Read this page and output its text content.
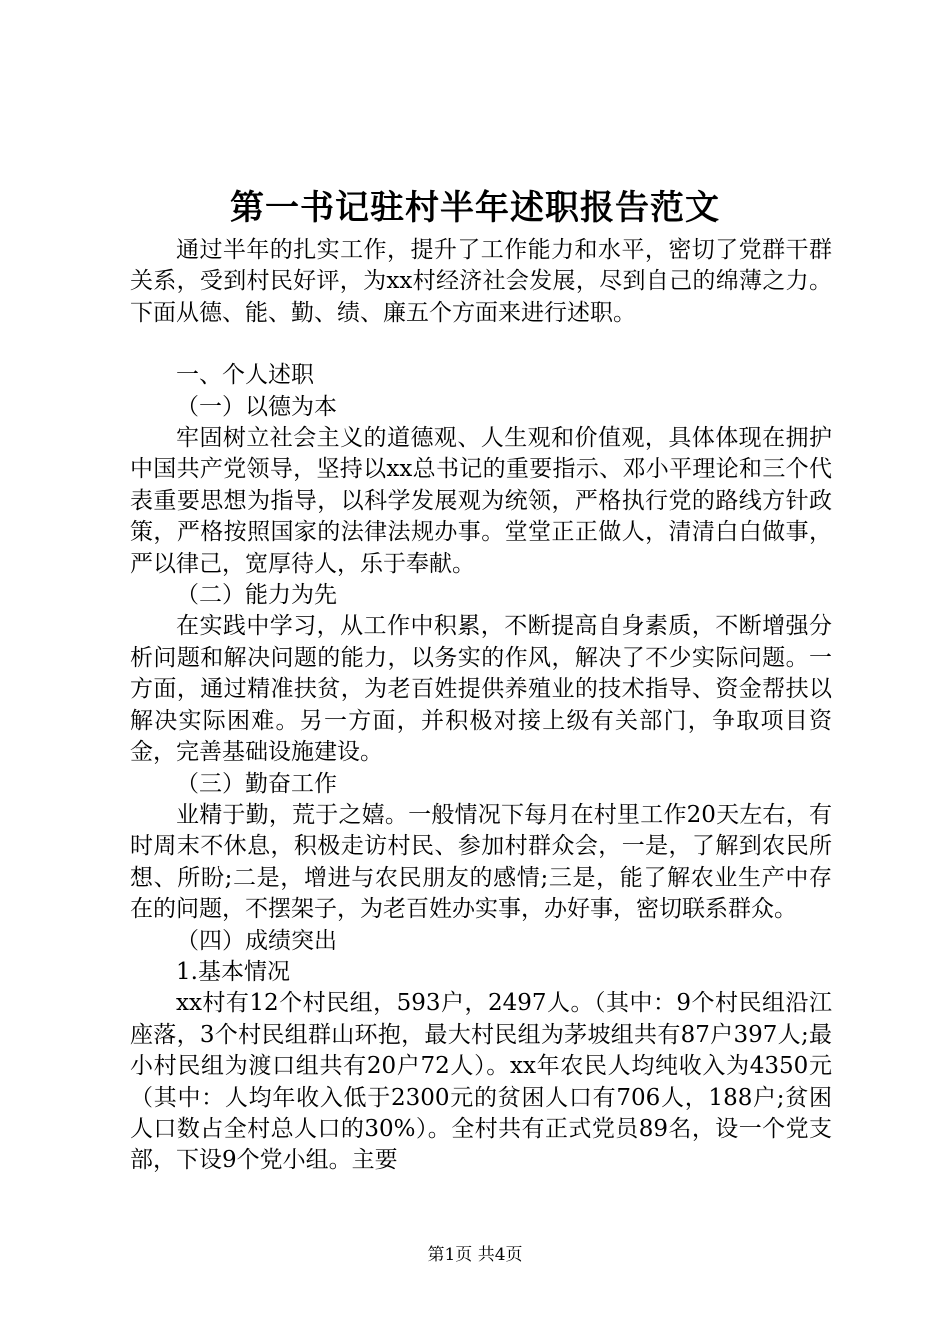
第一书记驻村半年述职报告范文

通过半年的扎实工作，提升了工作能力和水平，密切了党群干群关系，受到村民好评，为xx村经济社会发展，尽到自己的绵薄之力。下面从德、能、勤、绩、廉五个方面来进行述职。

一、个人述职

（一）以德为本

牢固树立社会主义的道德观、人生观和价值观，具体体现在拥护中国共产党领导，坚持以xx总书记的重要指示、邓小平理论和三个代表重要思想为指导，以科学发展观为统领，严格执行党的路线方针政策，严格按照国家的法律法规办事。堂堂正正做人，清清白白做事，严以律己，宽厚待人，乐于奉献。

（二）能力为先

在实践中学习，从工作中积累，不断提高自身素质，不断增强分析问题和解决问题的能力，以务实的作风，解决了不少实际问题。一方面，通过精准扶贫，为老百姓提供养殖业的技术指导、资金帮扶以解决实际困难。另一方面，并积极对接上级有关部门，争取项目资金，完善基础设施建设。

（三）勤奋工作

业精于勤，荒于之嬉。一般情况下每月在村里工作20天左右，有时周末不休息，积极走访村民、参加村群众会，一是，了解到农民所想、所盼;二是，增进与农民朋友的感情;三是，能了解农业生产中存在的问题，不摆架子，为老百姓办实事，办好事，密切联系群众。

（四）成绩突出

1.基本情况

xx村有12个村民组，593户，2497人。（其中：9个村民组沿江座落，3个村民组群山环抱，最大村民组为茅坡组共有87户397人;最小村民组为渡口组共有20户72人）。xx年农民人均纯收入为4350元（其中：人均年收入低于2300元的贫困人口有706人，188户;贫困人口数占全村总人口的30%）。全村共有正式党员89名，设一个党支部，下设9个党小组。主要

第1页 共4页
